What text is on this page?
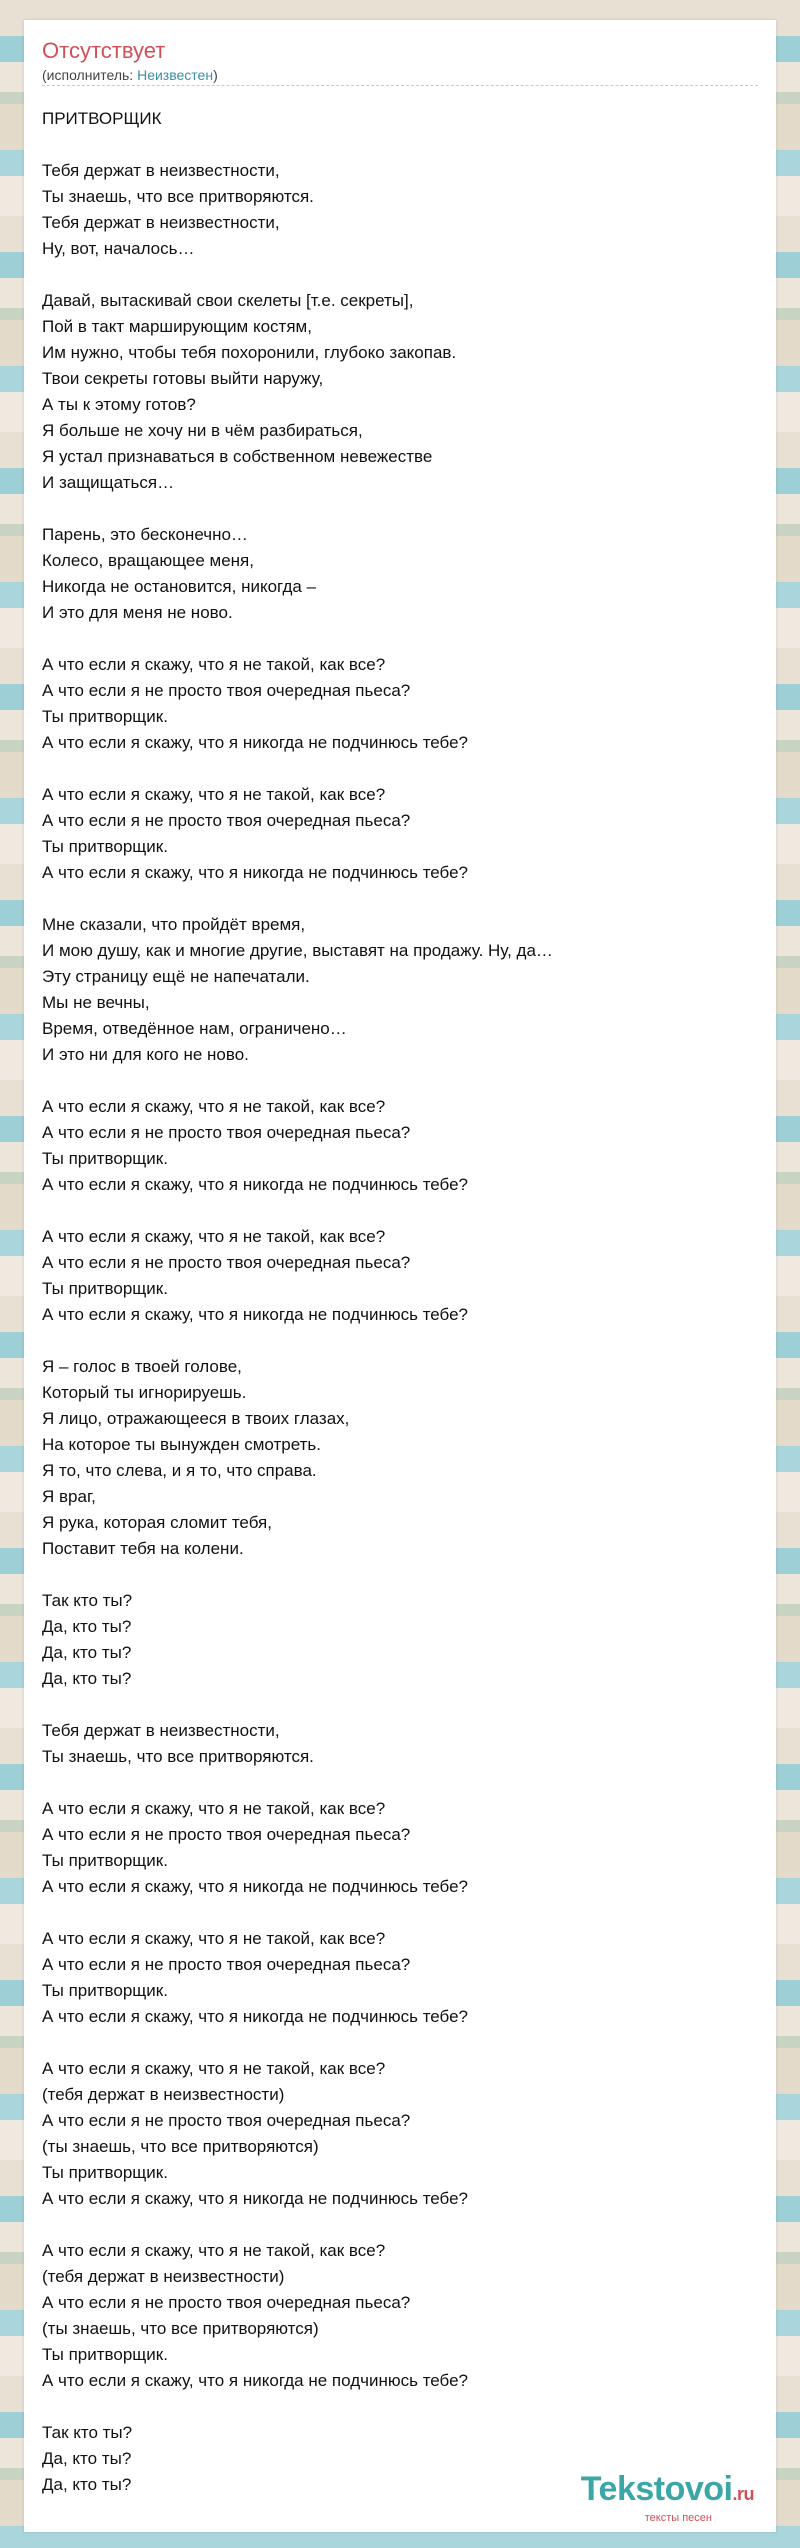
Отсутствует
(исполнитель: Неизвестен)
ПРИТВОРЩИК
Тебя держат в неизвестности,
Ты знаешь, что все притворяются.
Тебя держат в неизвестности,
Ну, вот, началось…
Давай, вытаскивай свои скелеты [т.е. секреты],
Пой в такт марширующим костям,
Им нужно, чтобы тебя похоронили, глубоко закопав.
Твои секреты готовы выйти наружу,
А ты к этому готов?
Я больше не хочу ни в чём разбираться,
Я устал признаваться в собственном невежестве
И защищаться…
Парень, это бесконечно…
Колесо, вращающее меня,
Никогда не остановится, никогда –
И это для меня не ново.
А что если я скажу, что я не такой, как все?
А что если я не просто твоя очередная пьеса?
Ты притворщик.
А что если я скажу, что я никогда не подчинюсь тебе?
А что если я скажу, что я не такой, как все?
А что если я не просто твоя очередная пьеса?
Ты притворщик.
А что если я скажу, что я никогда не подчинюсь тебе?
Мне сказали, что пройдёт время,
И мою душу, как и многие другие, выставят на продажу. Ну, да…
Эту страницу ещё не напечатали.
Мы не вечны,
Время, отведённое нам, ограничено…
И это ни для кого не ново.
А что если я скажу, что я не такой, как все?
А что если я не просто твоя очередная пьеса?
Ты притворщик.
А что если я скажу, что я никогда не подчинюсь тебе?
А что если я скажу, что я не такой, как все?
А что если я не просто твоя очередная пьеса?
Ты притворщик.
А что если я скажу, что я никогда не подчинюсь тебе?
Я – голос в твоей голове,
Который ты игнорируешь.
Я лицо, отражающееся в твоих глазах,
На которое ты вынужден смотреть.
Я то, что слева, и я то, что справа.
Я враг,
Я рука, которая сломит тебя,
Поставит тебя на колени.
Так кто ты?
Да, кто ты?
Да, кто ты?
Да, кто ты?
Тебя держат в неизвестности,
Ты знаешь, что все притворяются.
А что если я скажу, что я не такой, как все?
А что если я не просто твоя очередная пьеса?
Ты притворщик.
А что если я скажу, что я никогда не подчинюсь тебе?
А что если я скажу, что я не такой, как все?
А что если я не просто твоя очередная пьеса?
Ты притворщик.
А что если я скажу, что я никогда не подчинюсь тебе?
А что если я скажу, что я не такой, как все?
(тебя держат в неизвестности)
А что если я не просто твоя очередная пьеса?
(ты знаешь, что все притворяются)
Ты притворщик.
А что если я скажу, что я никогда не подчинюсь тебе?
А что если я скажу, что я не такой, как все?
(тебя держат в неизвестности)
А что если я не просто твоя очередная пьеса?
(ты знаешь, что все притворяются)
Ты притворщик.
А что если я скажу, что я никогда не подчинюсь тебе?
Так кто ты?
Да, кто ты?
Да, кто ты?	Tekstovoi.ru
тексты песен
